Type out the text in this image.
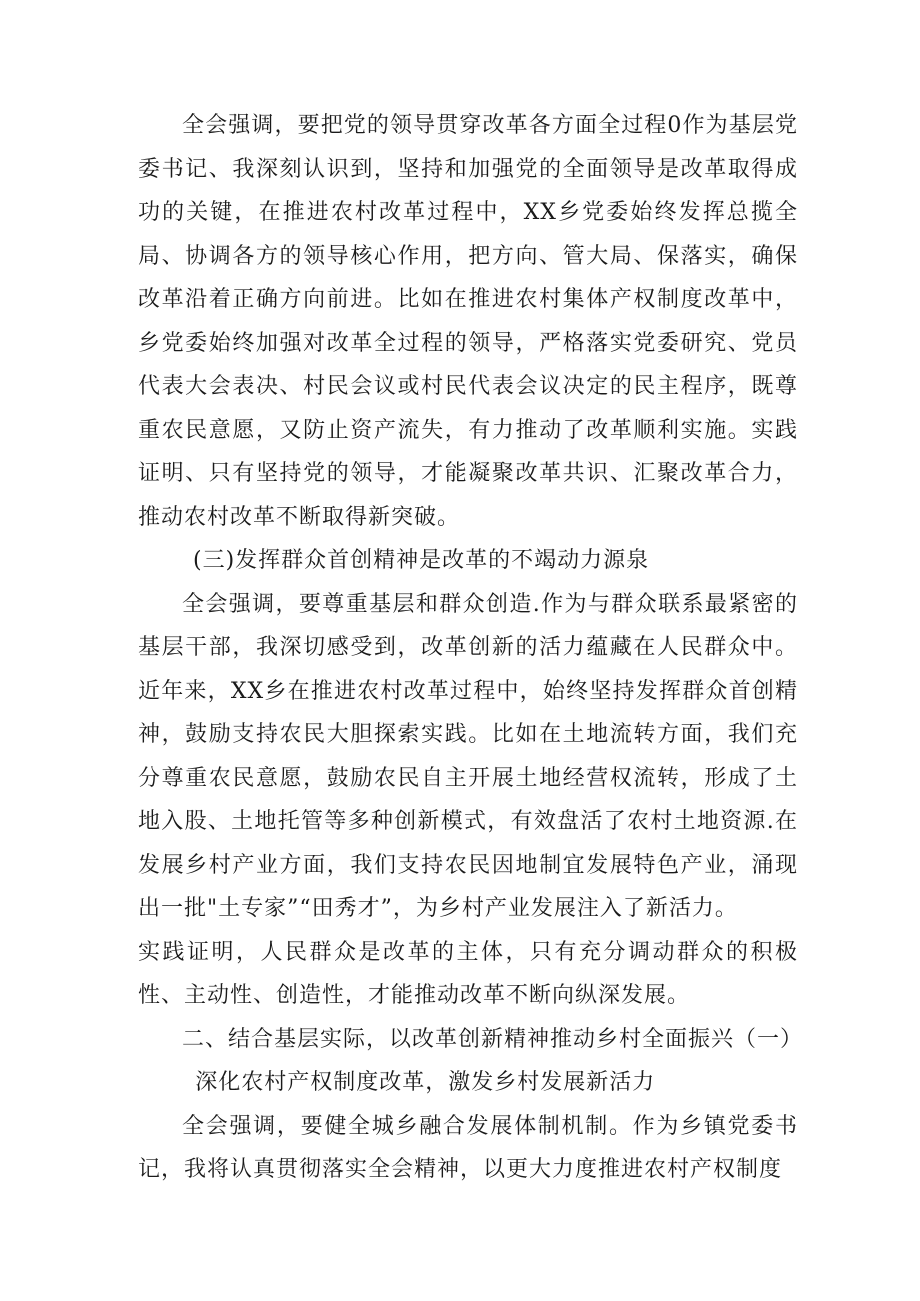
全会强调，要把党的领导贯穿改革各方面全过程0作为基层党委书记、我深刻认识到，坚持和加强党的全面领导是改革取得成功的关键，在推进农村改革过程中，XX乡党委始终发挥总揽全局、协调各方的领导核心作用，把方向、管大局、保落实，确保改革沿着正确方向前进。比如在推进农村集体产权制度改革中，乡党委始终加强对改革全过程的领导，严格落实党委研究、党员代表大会表决、村民会议或村民代表会议决定的民主程序，既尊重农民意愿，又防止资产流失，有力推动了改革顺利实施。实践证明、只有坚持党的领导，才能凝聚改革共识、汇聚改革合力，推动农村改革不断取得新突破。

(三)发挥群众首创精神是改革的不竭动力源泉

全会强调，要尊重基层和群众创造.作为与群众联系最紧密的基层干部，我深切感受到，改革创新的活力蕴藏在人民群众中。近年来，XX乡在推进农村改革过程中，始终坚持发挥群众首创精神，鼓励支持农民大胆探索实践。比如在土地流转方面，我们充分尊重农民意愿，鼓励农民自主开展土地经营权流转，形成了土地入股、土地托管等多种创新模式，有效盘活了农村土地资源.在发展乡村产业方面，我们支持农民因地制宜发展特色产业，涌现出一批"土专家”“田秀才”，为乡村产业发展注入了新活力。

实践证明，人民群众是改革的主体，只有充分调动群众的积极性、主动性、创造性，才能推动改革不断向纵深发展。

二、结合基层实际，以改革创新精神推动乡村全面振兴（一）

深化农村产权制度改革，激发乡村发展新活力

全会强调，要健全城乡融合发展体制机制。作为乡镇党委书记，我将认真贯彻落实全会精神，以更大力度推进农村产权制度
